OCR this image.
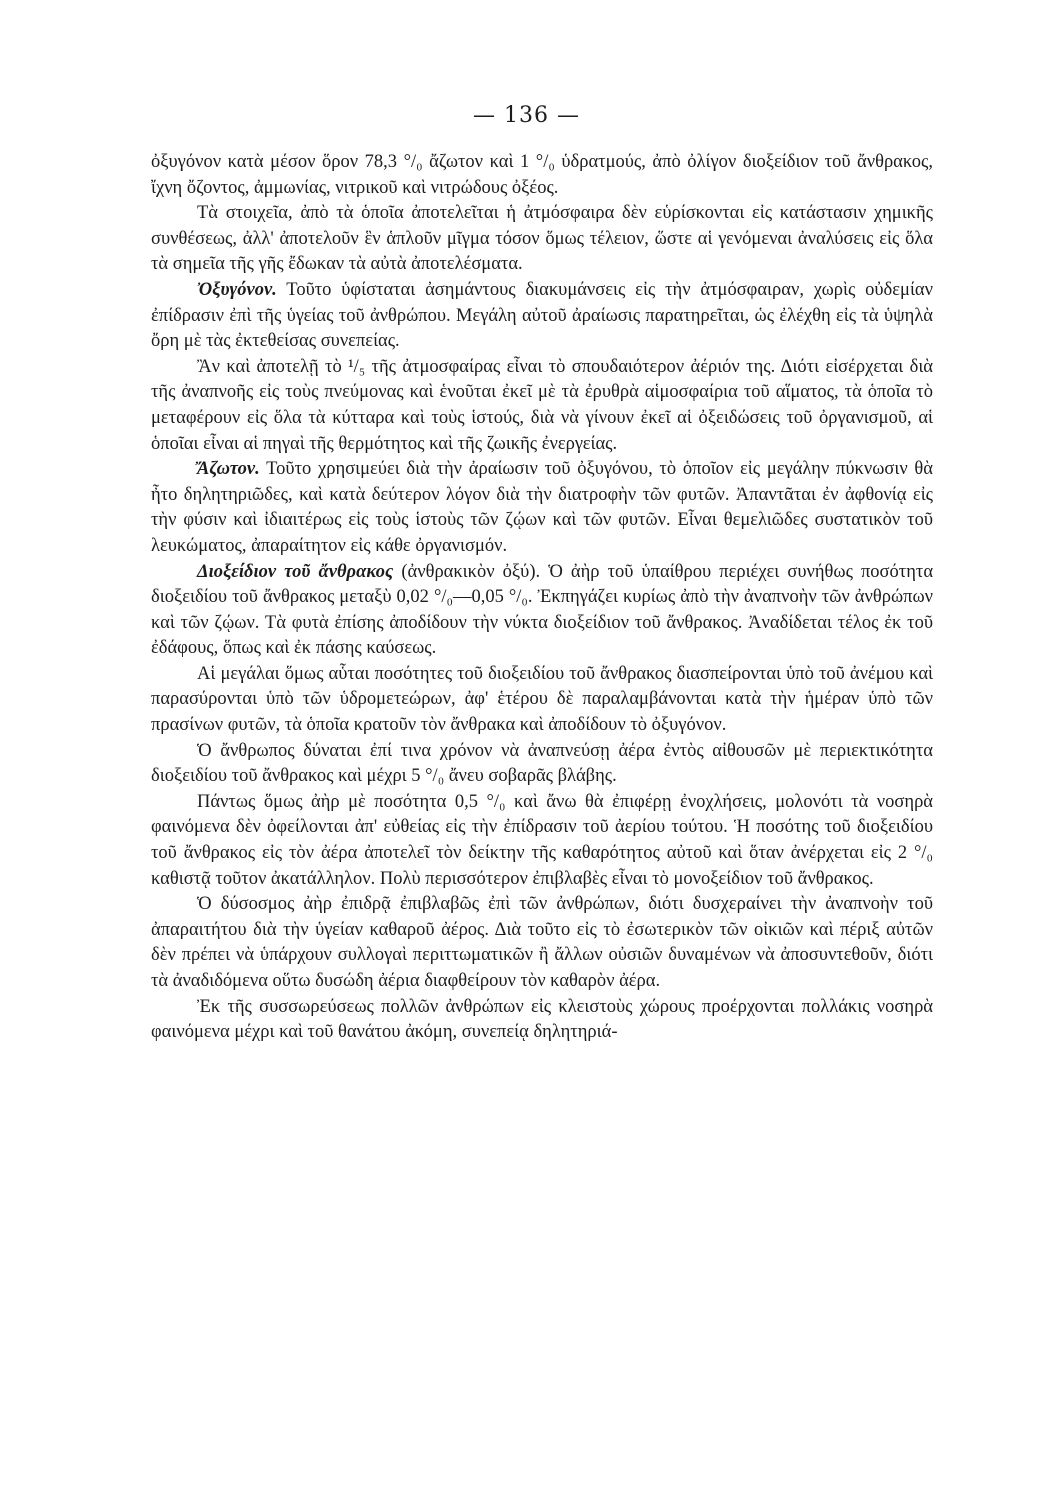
— 136 —

ὀξυγόνον κατὰ μέσον ὅρον 78,3 °/₀ ἄζωτον καὶ 1 °/₀ ὑδρατμούς, ἀπὸ ὀλίγον διοξείδιον τοῦ ἄνθρακος, ἴχνη ὄζοντος, ἀμμωνίας, νιτρικοῦ καὶ νιτρώδους ὀξέος.

Τὰ στοιχεῖα, ἀπὸ τὰ ὁποῖα ἀποτελεῖται ἡ ἀτμόσφαιρα δὲν εὑρίσκονται εἰς κατάστασιν χημικῆς συνθέσεως, ἀλλ' ἀποτελοῦν ἓν ἁπλοῦν μῖγμα τόσον ὅμως τέλειον, ὥστε αἱ γενόμεναι ἀναλύσεις εἰς ὅλα τὰ σημεῖα τῆς γῆς ἔδωκαν τὰ αὐτὰ ἀποτελέσματα.

Ὀξυγόνον. Τοῦτο ὑφίσταται ἀσημάντους διακυμάνσεις εἰς τὴν ἀτμόσφαιραν, χωρὶς οὐδεμίαν ἐπίδρασιν ἐπὶ τῆς ὑγείας τοῦ ἀνθρώπου. Μεγάλη αὐτοῦ ἀραίωσις παρατηρεῖται, ὡς ἐλέχθη εἰς τὰ ὑψηλὰ ὄρη μὲ τὰς ἐκτεθείσας συνεπείας.

Ἂν καὶ ἀποτελῇ τὸ ¹/₅ τῆς ἀτμοσφαίρας εἶναι τὸ σπουδαιότερον ἀέριόν της. Διότι εἰσέρχεται διὰ τῆς ἀναπνοῆς εἰς τοὺς πνεύμονας καὶ ἑνοῦται ἐκεῖ μὲ τὰ ἐρυθρὰ αἱμοσφαίρια τοῦ αἵματος, τὰ ὁποῖα τὸ μεταφέρουν εἰς ὅλα τὰ κύτταρα καὶ τοὺς ἱστούς, διὰ νὰ γίνουν ἐκεῖ αἱ ὀξειδώσεις τοῦ ὀργανισμοῦ, αἱ ὁποῖαι εἶναι αἱ πηγαὶ τῆς θερμότητος καὶ τῆς ζωικῆς ἐνεργείας.

Ἄζωτον. Τοῦτο χρησιμεύει διὰ τὴν ἀραίωσιν τοῦ ὀξυγόνου, τὸ ὁποῖον εἰς μεγάλην πύκνωσιν θὰ ἦτο δηλητηριῶδες, καὶ κατὰ δεύτερον λόγον διὰ τὴν διατροφὴν τῶν φυτῶν. Ἀπαντᾶται ἐν ἀφθονίᾳ εἰς τὴν φύσιν καὶ ἰδιαιτέρως εἰς τοὺς ἱστοὺς τῶν ζῴων καὶ τῶν φυτῶν. Εἶναι θεμελιῶδες συστατικὸν τοῦ λευκώματος, ἀπαραίτητον εἰς κάθε ὀργανισμόν.

Διοξείδιον τοῦ ἄνθρακος (ἀνθρακικὸν ὀξύ). Ὁ ἀὴρ τοῦ ὑπαίθρου περιέχει συνήθως ποσότητα διοξειδίου τοῦ ἄνθρακος μεταξὺ 0,02 °/₀—0,05 °/₀. Ἐκπηγάζει κυρίως ἀπὸ τὴν ἀναπνοὴν τῶν ἀνθρώπων καὶ τῶν ζῴων. Τὰ φυτὰ ἐπίσης ἀποδίδουν τὴν νύκτα διοξείδιον τοῦ ἄνθρακος. Ἀναδίδεται τέλος ἐκ τοῦ ἐδάφους, ὅπως καὶ ἐκ πάσης καύσεως.

Αἱ μεγάλαι ὅμως αὗται ποσότητες τοῦ διοξειδίου τοῦ ἄνθρακος διασπείρονται ὑπὸ τοῦ ἀνέμου καὶ παρασύρονται ὑπὸ τῶν ὑδρομετεώρων, ἀφ' ἑτέρου δὲ παραλαμβάνονται κατὰ τὴν ἡμέραν ὑπὸ τῶν πρασίνων φυτῶν, τὰ ὁποῖα κρατοῦν τὸν ἄνθρακα καὶ ἀποδίδουν τὸ ὀξυγόνον.

Ὁ ἄνθρωπος δύναται ἐπί τινα χρόνον νὰ ἀναπνεύσῃ ἀέρα ἐντὸς αἰθουσῶν μὲ περιεκτικότητα διοξειδίου τοῦ ἄνθρακος καὶ μέχρι 5 °/₀ ἄνευ σοβαρᾶς βλάβης.

Πάντως ὅμως ἀὴρ μὲ ποσότητα 0,5 °/₀ καὶ ἄνω θὰ ἐπιφέρῃ ἐνοχλήσεις, μολονότι τὰ νοσηρὰ φαινόμενα δὲν ὀφείλονται ἀπ' εὐθείας εἰς τὴν ἐπίδρασιν τοῦ ἀερίου τούτου. Ἡ ποσότης τοῦ διοξειδίου τοῦ ἄνθρακος εἰς τὸν ἀέρα ἀποτελεῖ τὸν δείκτην τῆς καθαρότητος αὐτοῦ καὶ ὅταν ἀνέρχεται εἰς 2 °/₀ καθιστᾷ τοῦτον ἀκατάλληλον. Πολὺ περισσότερον ἐπιβλαβὲς εἶναι τὸ μονοξείδιον τοῦ ἄνθρακος.

Ὁ δύσοσμος ἀὴρ ἐπιδρᾷ ἐπιβλαβῶς ἐπὶ τῶν ἀνθρώπων, διότι δυσχεραίνει τὴν ἀναπνοὴν τοῦ ἀπαραιτήτου διὰ τὴν ὑγείαν καθαροῦ ἀέρος. Διὰ τοῦτο εἰς τὸ ἐσωτερικὸν τῶν οἰκιῶν καὶ πέριξ αὐτῶν δὲν πρέπει νὰ ὑπάρχουν συλλογαὶ περιττωματικῶν ἢ ἄλλων οὐσιῶν δυναμένων νὰ ἀποσυντεθοῦν, διότι τὰ ἀναδιδόμενα οὕτω δυσώδη ἀέρια διαφθείρουν τὸν καθαρὸν ἀέρα.

Ἐκ τῆς συσσωρεύσεως πολλῶν ἀνθρώπων εἰς κλειστοὺς χώρους προέρχονται πολλάκις νοσηρὰ φαινόμενα μέχρι καὶ τοῦ θανάτου ἀκόμη, συνεπείᾳ δηλητηριά-
